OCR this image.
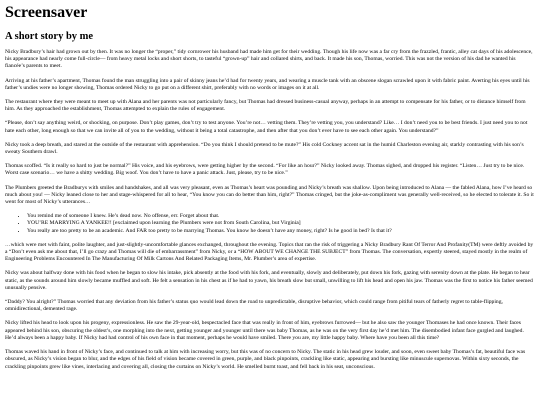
Screensaver
A short story by me

Nicky Bradbury’s hair had grown out by then. It was no longer the “proper,” tidy cornrower his husband had made him get for their wedding. Though his life now was a far cry from the frazzled, frantic, alley cat days of his adolescence, his appearance had nearly come full-circle— from heavy metal locks and short shorts, to tasteful “grown-up” hair and collared shirts, and back. It made his son, Thomas, worried. This was not the version of his dad he wanted his fiancée’s parents to meet.

Arriving at his father’s apartment, Thomas found the man struggling into a pair of skinny jeans he’d had for twenty years, and wearing a muscle tank with an obscene slogan scrawled upon it with fabric paint. Averting his eyes until his father’s undies were no longer showing, Thomas ordered Nicky to go put on a different shirt, preferably with no words or images on it at all.

The restaurant where they were meant to meet up with Alana and her parents was not particularly fancy, but Thomas had dressed business-casual anyway, perhaps in an attempt to compensate for his father, or to distance himself from him. As they approached the establishment, Thomas attempted to explain the rules of engagement.

“Please, don’t say anything weird, or shocking, on purpose. Don’t play games, don’t try to test anyone. You’re not… vetting them. They’re vetting you, you understand? Like… I don’t need you to be best friends. I just need you to not hate each other, long enough so that we can invite all of you to the wedding, without it being a total catastrophe, and then after that you don’t ever have to see each other again. You understand?”

Nicky took a deep breath, and stared at the outside of the restaurant with apprehension. “Do you think I should pretend to be mute?” His cold Cockney accent sat in the humid Charleston evening air, starkly contrasting with his son’s sweaty Southern drawl.

Thomas scoffed. “Is it really so hard to just be normal?” His voice, and his eyebrows, were getting higher by the second. “For like an hour?” Nicky looked away. Thomas sighed, and dropped his register. “Listen… Just try to be nice. Worst case scenario… we have a shitty wedding. Big woof. You don’t have to have a panic attack. Just, please, try to be nice.”

The Plumbers greeted the Bradburys with smiles and handshakes, and all was very pleasant, even as Thomas’s heart was pounding and Nicky’s breath was shallow. Upon being introduced to Alana — the fabled Alana, how I’ve heard so much about you! — Nicky leaned close to her and stage-whispered for all to hear, “You know you can do better than him, right?” Thomas cringed, but the joke-as-compliment was generally well-received, so he elected to tolerate it. So it went for most of Nicky’s utterances…

• You remind me of someone I knew. He’s dead now. No offense, err. Forget about that.
• YOU’RE MARRYING A YANKEE!! [exclaimed upon learning the Plumbers were not from South Carolina, but Virginia]
• You really are too pretty to be an academic. And FAR too pretty to be marrying Thomas. You know he doesn’t have any money, right? Is he good in bed? Is that it?

…which were met with faint, polite laughter, and just-slightly-uncomfortable glances exchanged, throughout the evening. Topics that ran the risk of triggering a Nicky Bradbury Rant Of Terror And Profanity(TM) were deftly avoided by a “Don’t even ask me about that, I’ll go crazy and Thomas will die of embarrassment” from Nicky, or a “HOW ABOUT WE CHANGE THE SUBJECT” from Thomas. The conversation, expertly steered, stayed mostly in the realm of Engineering Problems Encountered In The Manufacturing Of Milk Cartons And Related Packaging Items, Mr. Plumber’s area of expertise.

Nicky was about halfway done with his food when he began to slow his intake, pick absently at the food with his fork, and eventually, slowly and deliberately, put down his fork, gazing with serenity down at the plate. He began to hear static, as the sounds around him slowly became muffled and soft. He felt a sensation in his chest as if he had to yawn, his breath slow but small, unwilling to lift his head and open his jaw. Thomas was the first to notice his father seemed unusually pensive.

“Daddy? You alright?” Thomas worried that any deviation from his father’s status quo would lead down the road to unpredictable, disruptive behavior, which could range from pitiful tears of fatherly regret to table-flipping, omnidirectional, demented rage.

Nicky lifted his head to look upon his progeny, expressionless. He saw the 29-year-old, bespectacled face that was really in front of him, eyebrows furrowed— but he also saw the younger Thomases he had once known. Their faces appeared behind his son, obscuring the oldest’s, one morphing into the next, getting younger and younger until there was baby Thomas, as he was on the very first day he’d met him. The disembodied infant face gurgled and laughed. He’d always been a happy baby. If Nicky had had control of his own face in that moment, perhaps he would have smiled. There you are, my little happy baby. Where have you been all this time?

Thomas waved his hand in front of Nicky’s face, and continued to talk at him with increasing worry, but this was of no concern to Nicky. The static in his head grew louder, and soon, even sweet baby Thomas’s fat, beautiful face was obscured, as Nicky’s vision began to blur, and the edges of his field of vision became covered in green, purple, and black pinpoints, crackling like static, appearing and bursting like minuscule supernovas. Within sixty seconds, the crackling pinpoints grew like vines, interlacing and covering all, closing the curtains on Nicky’s world. He smelled burnt toast, and fell back in his seat, unconscious.
